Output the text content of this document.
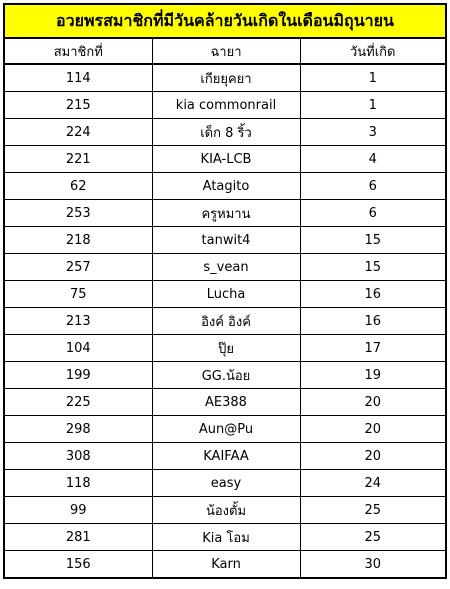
อวยพรสมาชิกที่มีวันคล้ายวันเกิดในเดือนมิถุนายน		
สมาชิกที่	ฉายา	วันที่เกิด
114	เกียยุคยา	1
215	kia commonrail	1
224	เด็ก 8 ริ้ว	3
221	KIA-LCB	4
62	Atagito	6
253	ครูหมาน	6
218	tanwit4	15
257	s_vean	15
75	Lucha	16
213	อิงค์ อิงค์	16
104	ปุ๊ย	17
199	GG.น้อย	19
225	AE388	20
298	Aun@Pu	20
308	KAIFAA	20
118	easy	24
99	น้องตั้ม	25
281	Kia โอม	25
156	Karn	30
